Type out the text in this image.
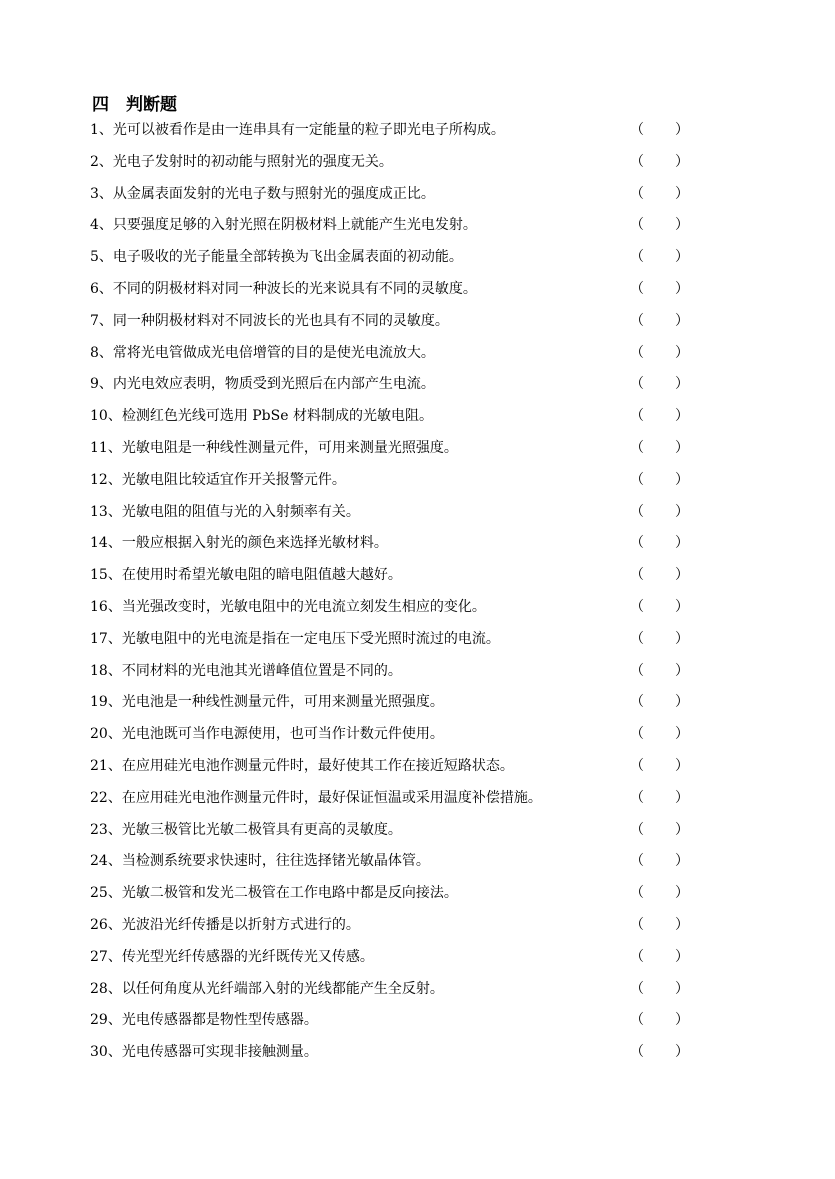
四　判断题
1、光可以被看作是由一连串具有一定能量的粒子即光电子所构成。	（ ）
2、光电子发射时的初动能与照射光的强度无关。	（ ）
3、从金属表面发射的光电子数与照射光的强度成正比。	（ ）
4、只要强度足够的入射光照在阴极材料上就能产生光电发射。	（ ）
5、电子吸收的光子能量全部转换为飞出金属表面的初动能。	（ ）
6、不同的阴极材料对同一种波长的光来说具有不同的灵敏度。	（ ）
7、同一种阴极材料对不同波长的光也具有不同的灵敏度。	（ ）
8、常将光电管做成光电倍增管的目的是使光电流放大。	（ ）
9、内光电效应表明，物质受到光照后在内部产生电流。	（ ）
10、检测红色光线可选用 PbSe 材料制成的光敏电阻。	（ ）
11、光敏电阻是一种线性测量元件，可用来测量光照强度。	（ ）
12、光敏电阻比较适宜作开关报警元件。	（ ）
13、光敏电阻的阻值与光的入射频率有关。	（ ）
14、一般应根据入射光的颜色来选择光敏材料。	（ ）
15、在使用时希望光敏电阻的暗电阻值越大越好。	（ ）
16、当光强改变时，光敏电阻中的光电流立刻发生相应的变化。	（ ）
17、光敏电阻中的光电流是指在一定电压下受光照时流过的电流。	（ ）
18、不同材料的光电池其光谱峰值位置是不同的。	（ ）
19、光电池是一种线性测量元件，可用来测量光照强度。	（ ）
20、光电池既可当作电源使用，也可当作计数元件使用。	（ ）
21、在应用硅光电池作测量元件时，最好使其工作在接近短路状态。	（ ）
22、在应用硅光电池作测量元件时，最好保证恒温或采用温度补偿措施。	（ ）
23、光敏三极管比光敏二极管具有更高的灵敏度。	（ ）
24、当检测系统要求快速时，往往选择锗光敏晶体管。	（ ）
25、光敏二极管和发光二极管在工作电路中都是反向接法。	（ ）
26、光波沿光纤传播是以折射方式进行的。	（ ）
27、传光型光纤传感器的光纤既传光又传感。	（ ）
28、以任何角度从光纤端部入射的光线都能产生全反射。	（ ）
29、光电传感器都是物性型传感器。	（ ）
30、光电传感器可实现非接触测量。	（ ）
